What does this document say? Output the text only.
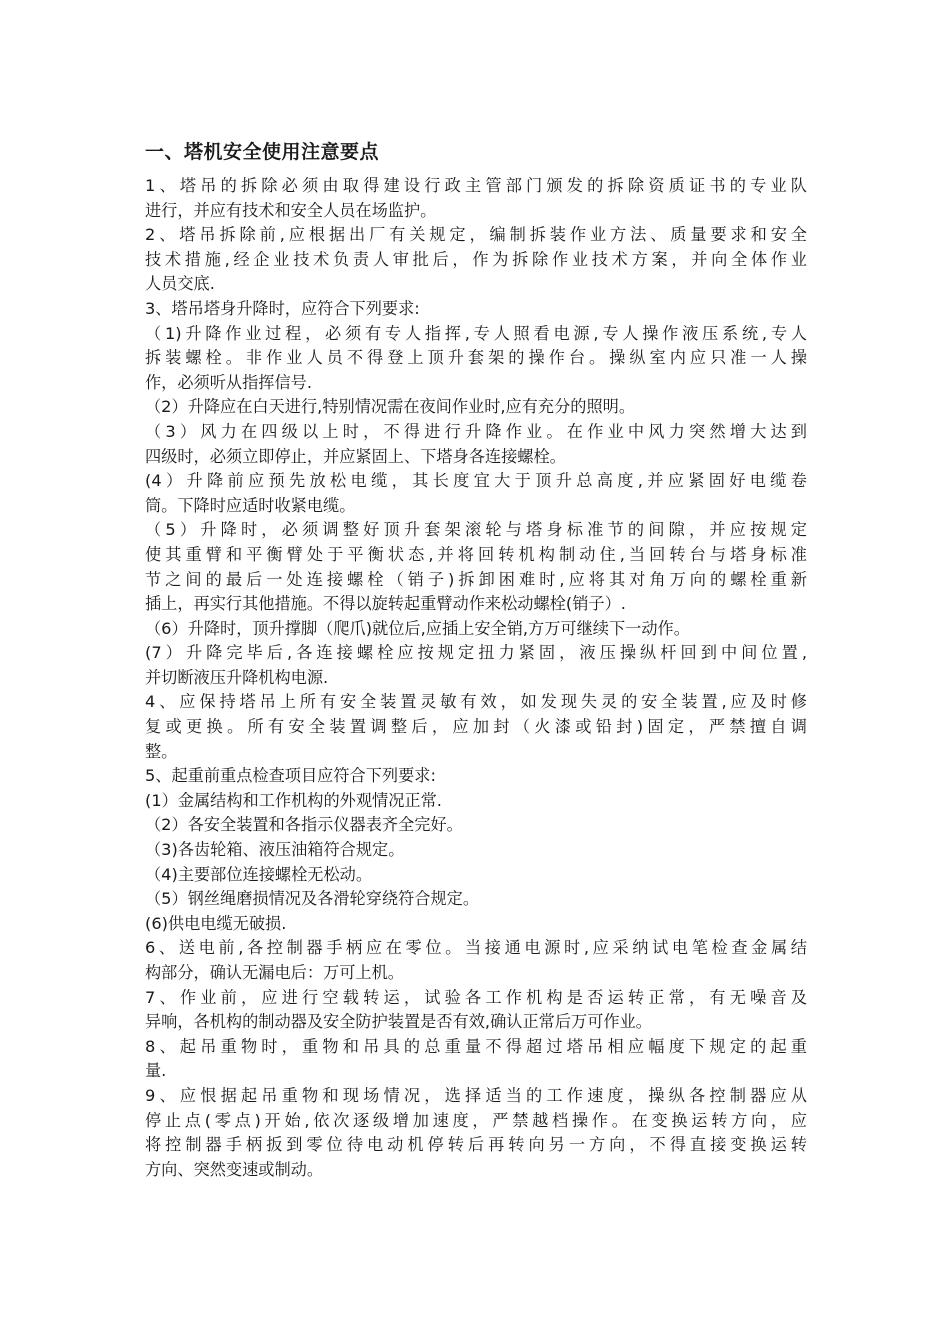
一、塔机安全使用注意要点

1、塔吊的拆除必须由取得建设行政主管部门颁发的拆除资质证书的专业队

进行，并应有技术和安全人员在场监护。

2、塔吊拆除前,应根据出厂有关规定，编制拆装作业方法、质量要求和安全

技术措施,经企业技术负责人审批后，作为拆除作业技术方案，并向全体作业

人员交底.

3、塔吊塔身升降时，应符合下列要求:

（1)升降作业过程，必须有专人指挥,专人照看电源,专人操作液压系统,专人

拆装螺栓。非作业人员不得登上顶升套架的操作台。操纵室内应只准一人操

作，必须听从指挥信号.

（2）升降应在白天进行,特别情况需在夜间作业时,应有充分的照明。

（3）风力在四级以上时，不得进行升降作业。在作业中风力突然增大达到

四级时，必须立即停止，并应紧固上、下塔身各连接螺栓。

(4）升降前应预先放松电缆，其长度宜大于顶升总高度,并应紧固好电缆卷

筒。下降时应适时收紧电缆。

（5）升降时，必须调整好顶升套架滚轮与塔身标准节的间隙，并应按规定

使其重臂和平衡臂处于平衡状态,并将回转机构制动住,当回转台与塔身标准

节之间的最后一处连接螺栓（销子)拆卸困难时,应将其对角万向的螺栓重新

插上，再实行其他措施。不得以旋转起重臂动作来松动螺栓(销子）.

（6）升降时，顶升撑脚（爬爪)就位后,应插上安全销,方万可继续下一动作。

(7）升降完毕后,各连接螺栓应按规定扭力紧固，液压操纵杆回到中间位置,

并切断液压升降机构电源.

4、应保持塔吊上所有安全装置灵敏有效，如发现失灵的安全装置,应及时修

复或更换。所有安全装置调整后，应加封（火漆或铅封)固定，严禁擅自调

整。

5、起重前重点检查项目应符合下列要求:

(1）金属结构和工作机构的外观情况正常.

（2）各安全装置和各指示仪器表齐全完好。

（3)各齿轮箱、液压油箱符合规定。

（4)主要部位连接螺栓无松动。

（5）钢丝绳磨损情况及各滑轮穿绕符合规定。

(6)供电电缆无破损.

6、送电前,各控制器手柄应在零位。当接通电源时,应采纳试电笔检查金属结

构部分，确认无漏电后：万可上机。

7、作业前，应进行空载转运，试验各工作机构是否运转正常，有无噪音及

异响，各机构的制动器及安全防护装置是否有效,确认正常后万可作业。

8、起吊重物时，重物和吊具的总重量不得超过塔吊相应幅度下规定的起重

量.

9、应恨据起吊重物和现场情况，选择适当的工作速度，操纵各控制器应从

停止点(零点)开始,依次逐级增加速度，严禁越档操作。在变换运转方向，应

将控制器手柄扳到零位待电动机停转后再转向另一方向，不得直接变换运转

方向、突然变速或制动。
